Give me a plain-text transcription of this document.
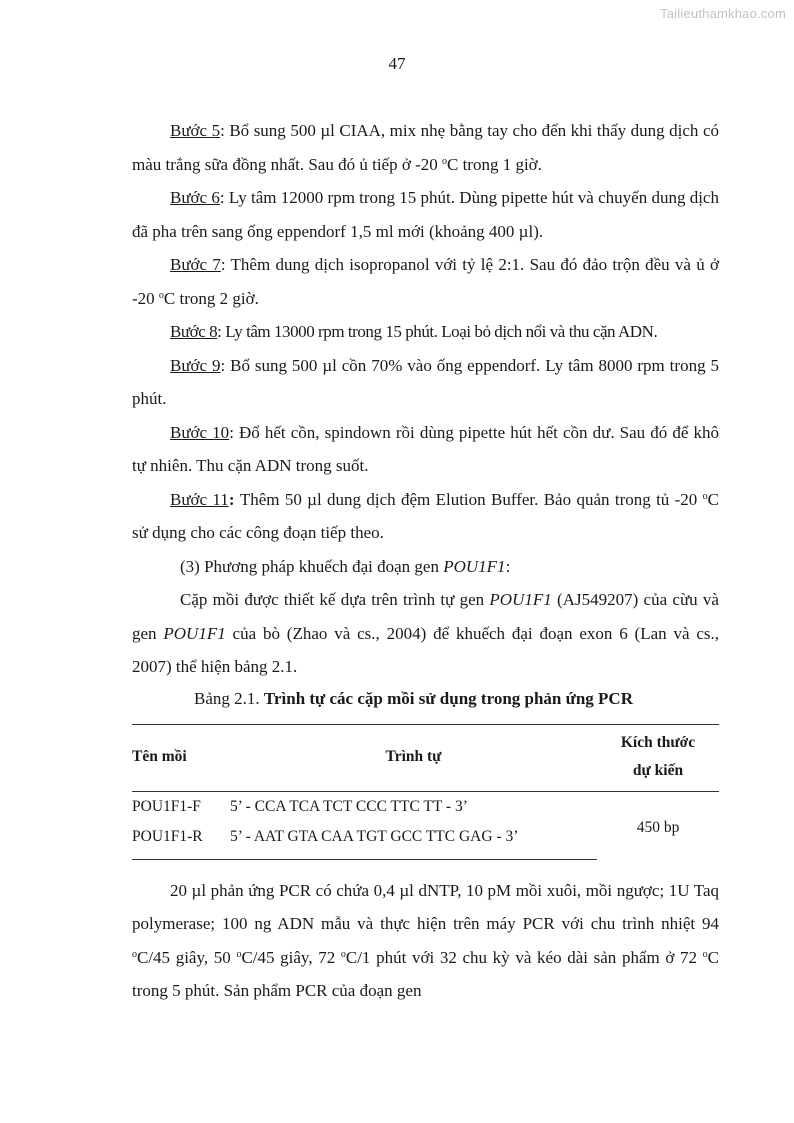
Tailieuthamkhao.com
47

Bước 5: Bổ sung 500 µl CIAA, mix nhẹ bằng tay cho đến khi thấy dung dịch có màu trắng sữa đồng nhất. Sau đó ủ tiếp ở -20 $^o$C trong 1 giờ.

Bước 6: Ly tâm 12000 rpm trong 15 phút. Dùng pipette hút và chuyển dung dịch đã pha trên sang ống eppendorf 1,5 ml mới (khoảng 400 µl).

Bước 7: Thêm dung dịch isopropanol với tỷ lệ 2:1. Sau đó đảo trộn đều và ủ ở -20 $^o$C trong 2 giờ.

Bước 8: Ly tâm 13000 rpm trong 15 phút. Loại bỏ dịch nổi và thu cặn ADN.

Bước 9: Bổ sung 500 µl cồn 70% vào ống eppendorf. Ly tâm 8000 rpm trong 5 phút.

Bước 10: Đổ hết cồn, spindown rồi dùng pipette hút hết cồn dư. Sau đó để khô tự nhiên. Thu cặn ADN trong suốt.

Bước 11: Thêm 50 µl dung dịch đệm Elution Buffer. Bảo quản trong tủ -20 $^o$C sử dụng cho các công đoạn tiếp theo.

(3) Phương pháp khuếch đại đoạn gen POU1F1:

Cặp mồi được thiết kế dựa trên trình tự gen POU1F1 (AJ549207) của cừu và gen POU1F1 của bò (Zhao và cs., 2004) để khuếch đại đoạn exon 6 (Lan và cs., 2007) thể hiện bảng 2.1.

Bảng 2.1. Trình tự các cặp mồi sử dụng trong phản ứng PCR

Tên mồi	Trình tự	Kích thước
dự kiến
POU1F1-F	5’ - CCA TCA TCT CCC TTC TT - 3’	450 bp
POU1F1-R	5’ - AAT GTA CAA TGT GCC TTC GAG - 3’	

20 µl phản ứng PCR có chứa 0,4 µl dNTP, 10 pM mồi xuôi, mồi ngược; 1U Taq polymerase; 100 ng ADN mẫu và thực hiện trên máy PCR với chu trình nhiệt 94 $^o$C/45 giây, 50 $^o$C/45 giây, 72 $^o$C/1 phút với 32 chu kỳ và kéo dài sản phẩm ở 72 $^o$C trong 5 phút. Sản phẩm PCR của đoạn gen
